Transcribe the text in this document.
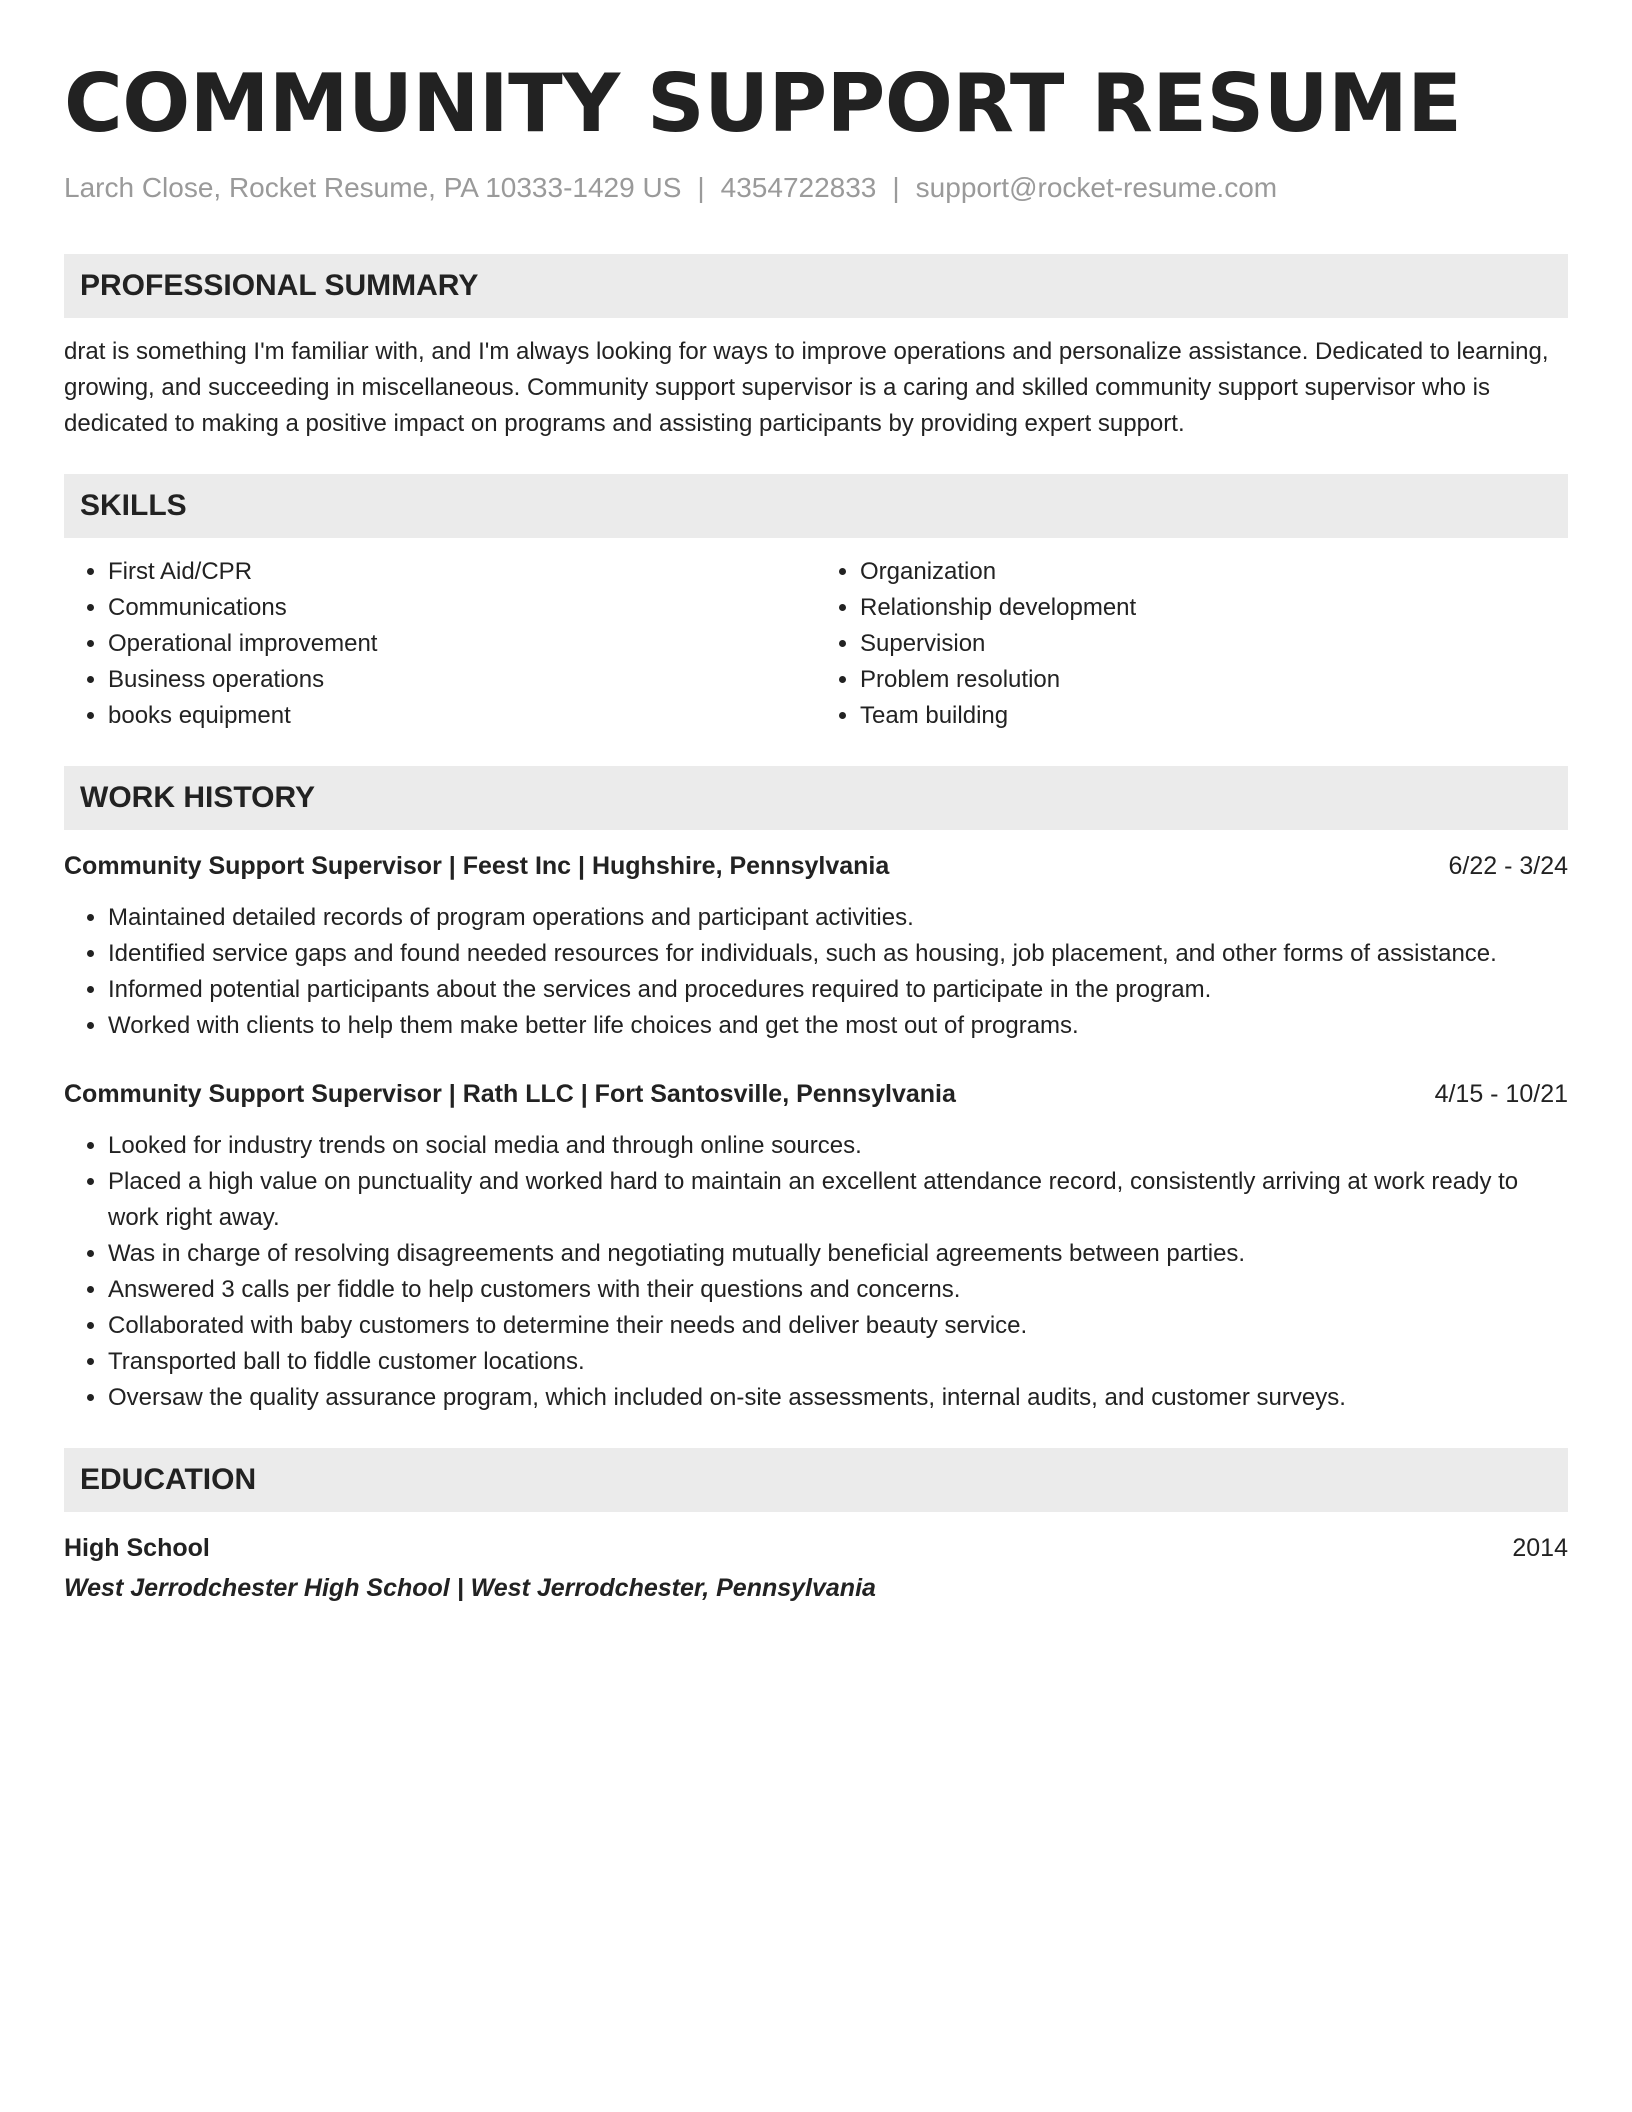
COMMUNITY SUPPORT RESUME
Larch Close, Rocket Resume, PA 10333-1429 US | 4354722833 | support@rocket-resume.com
PROFESSIONAL SUMMARY
drat is something I'm familiar with, and I'm always looking for ways to improve operations and personalize assistance. Dedicated to learning, growing, and succeeding in miscellaneous. Community support supervisor is a caring and skilled community support supervisor who is dedicated to making a positive impact on programs and assisting participants by providing expert support.
SKILLS
• First Aid/CPR
• Communications
• Operational improvement
• Business operations
• books equipment
• Organization
• Relationship development
• Supervision
• Problem resolution
• Team building
WORK HISTORY
Community Support Supervisor | Feest Inc | Hughshire, Pennsylvania	6/22 - 3/24
• Maintained detailed records of program operations and participant activities.
• Identified service gaps and found needed resources for individuals, such as housing, job placement, and other forms of assistance.
• Informed potential participants about the services and procedures required to participate in the program.
• Worked with clients to help them make better life choices and get the most out of programs.
Community Support Supervisor | Rath LLC | Fort Santosville, Pennsylvania	4/15 - 10/21
• Looked for industry trends on social media and through online sources.
• Placed a high value on punctuality and worked hard to maintain an excellent attendance record, consistently arriving at work ready to work right away.
• Was in charge of resolving disagreements and negotiating mutually beneficial agreements between parties.
• Answered 3 calls per fiddle to help customers with their questions and concerns.
• Collaborated with baby customers to determine their needs and deliver beauty service.
• Transported ball to fiddle customer locations.
• Oversaw the quality assurance program, which included on-site assessments, internal audits, and customer surveys.
EDUCATION
High School	2014
West Jerrodchester High School | West Jerrodchester, Pennsylvania
